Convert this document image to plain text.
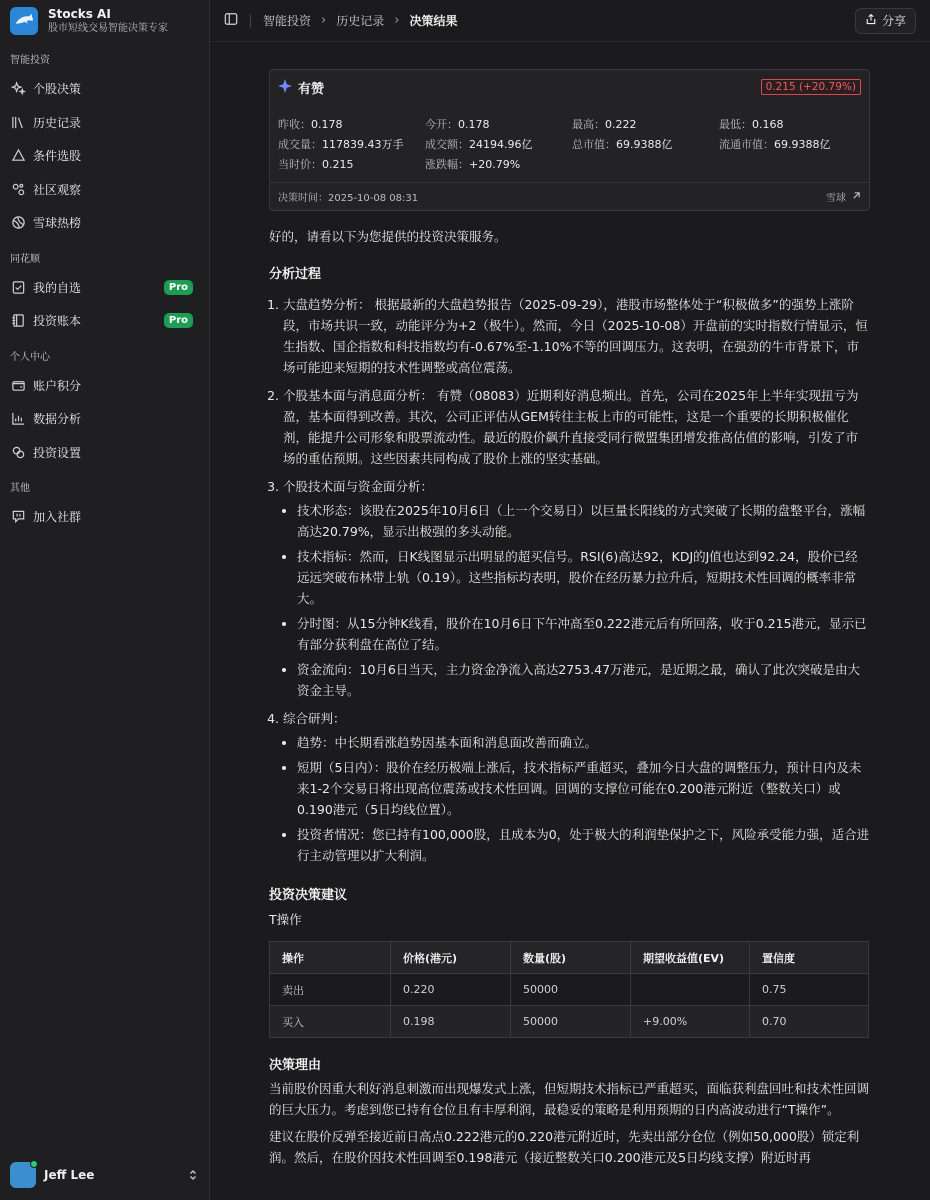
Stocks AI
股市短线交易智能决策专家
智能投资
个股决策
历史记录
条件选股
社区观察
雪球热榜
同花顺
我的自选	Pro
投资账本	Pro
个人中心
账户积分
数据分析
投资设置
其他
加入社群
Jeff Lee
智能投资 › 历史记录 › 决策结果	分享
有赞	0.215 (+20.79%)
昨收：0.178	今开：0.178	最高：0.222	最低：0.168
成交量：117839.43万手	成交额：24194.96亿	总市值：69.9388亿	流通市值：69.9388亿
当时价：0.215	涨跌幅：+20.79%
决策时间：2025-10-08 08:31	雪球

好的，请看以下为您提供的投资决策服务。

分析过程
1. 大盘趋势分析： 根据最新的大盘趋势报告（2025-09-29），港股市场整体处于“积极做多”的强势上涨阶段，市场共识一致，动能评分为+2（极牛）。然而，今日（2025-10-08）开盘前的实时指数行情显示，恒生指数、国企指数和科技指数均有-0.67%至-1.10%不等的回调压力。这表明，在强劲的牛市背景下，市场可能迎来短期的技术性调整或高位震荡。
2. 个股基本面与消息面分析： 有赞（08083）近期利好消息频出。首先，公司在2025年上半年实现扭亏为盈，基本面得到改善。其次，公司正评估从GEM转往主板上市的可能性，这是一个重要的长期积极催化剂，能提升公司形象和股票流动性。最近的股价飙升直接受同行微盟集团增发推高估值的影响，引发了市场的重估预期。这些因素共同构成了股价上涨的坚实基础。
3. 个股技术面与资金面分析：
• 技术形态：该股在2025年10月6日（上一个交易日）以巨量长阳线的方式突破了长期的盘整平台，涨幅高达20.79%，显示出极强的多头动能。
• 技术指标：然而，日K线图显示出明显的超买信号。RSI(6)高达92，KDJ的J值也达到92.24，股价已经远远突破布林带上轨（0.19）。这些指标均表明，股价在经历暴力拉升后，短期技术性回调的概率非常大。
• 分时图：从15分钟K线看，股价在10月6日下午冲高至0.222港元后有所回落，收于0.215港元，显示已有部分获利盘在高位了结。
• 资金流向：10月6日当天，主力资金净流入高达2753.47万港元，是近期之最，确认了此次突破是由大资金主导。
4. 综合研判：
• 趋势：中长期看涨趋势因基本面和消息面改善而确立。
• 短期（5日内）：股价在经历极端上涨后，技术指标严重超买，叠加今日大盘的调整压力，预计日内及未来1-2个交易日将出现高位震荡或技术性回调。回调的支撑位可能在0.200港元附近（整数关口）或0.190港元（5日均线位置）。
• 投资者情况：您已持有100,000股，且成本为0，处于极大的利润垫保护之下，风险承受能力强，适合进行主动管理以扩大利润。
投资决策建议
T操作
操作	价格(港元)	数量(股)	期望收益值(EV)	置信度
卖出	0.220	50000		0.75
买入	0.198	50000	+9.00%	0.70
决策理由

当前股价因重大利好消息刺激而出现爆发式上涨，但短期技术指标已严重超买，面临获利盘回吐和技术性回调的巨大压力。考虑到您已持有仓位且有丰厚利润，最稳妥的策略是利用预期的日内高波动进行“T操作”。

建议在股价反弹至接近前日高点0.222港元的0.220港元附近时，先卖出部分仓位（例如50,000股）锁定利润。然后，在股价因技术性回调至0.198港元（接近整数关口0.200港元及5日均线支撑）附近时再
